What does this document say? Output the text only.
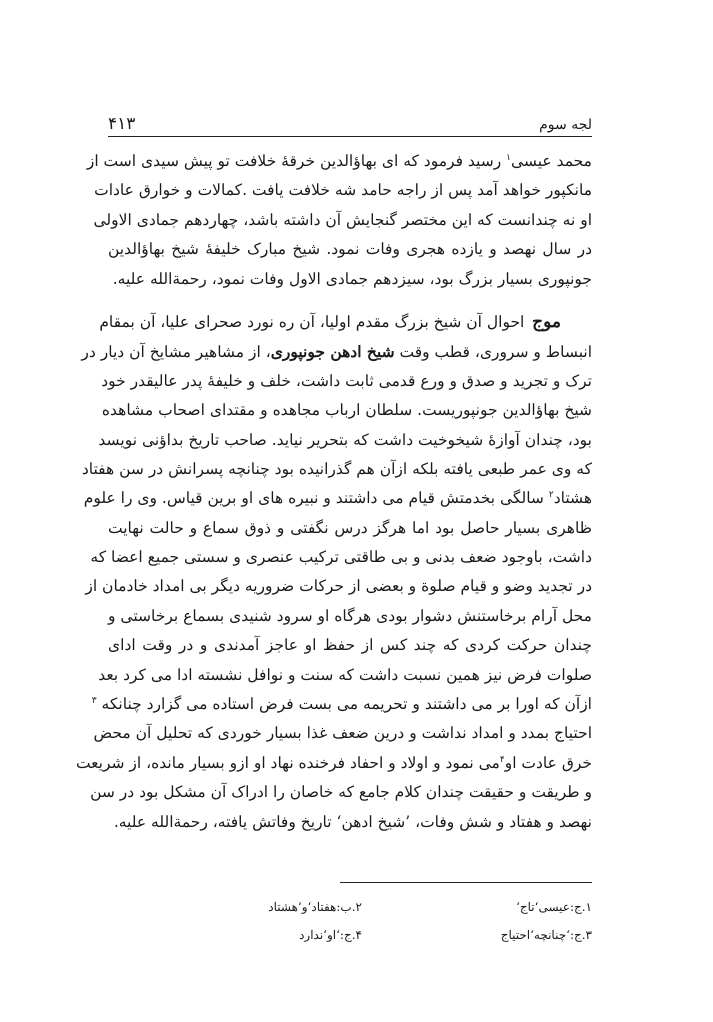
۴۱۳	لجه سوم
محمد عیسی$^۱$ رسید فرمود که ای بهاؤالدین خرقهٔ خلافت تو پیش سیدی است از
مانکپور خواهد آمد پس از راجه حامد شه خلافت یافت .کمالات و خوارق عادات
او نه چندانست که این مختصر گنجایش آن داشته باشد، چهاردهم جمادی الاولی
در سال نهصد و یازده هجری وفات نمود. شیخ مبارک خلیفهٔ شیخ بهاؤالدین
جونپوری بسیار بزرگ بود، سیزدهم جمادی الاول وفات نمود، رحمةالله علیه.
  موج احوال آن شیخ بزرگ مقدم اولیا، آن ره نورد صحرای علیا، آن بمقام
انبساط و سروری، قطب وقت شیخ ادهن جونپوری، از مشاهیر مشایخ آن دیار در
ترک و تجرید و صدق و ورع قدمی ثابت داشت، خلف و خلیفهٔ پدر عالیقدر خود
شیخ بهاؤالدین جونپوریست. سلطان ارباب مجاهده و مقتدای اصحاب مشاهده
بود، چندان آوازهٔ شیخوخیت داشت که بتحریر نیاید. صاحب تاریخ بداؤنی نویسد
که وی عمر طبعی یافته بلکه ازآن هم گذرانیده بود چنانچه پسرانش در سن هفتاد
هشتاد$^۲$ سالگی بخدمتش قیام می داشتند و نبیره های او برین قیاس. وی را علوم
ظاهری بسیار حاصل بود اما هرگز درس نگفتی و ذوق سماع و حالت نهایت
داشت، باوجود ضعف بدنی و بی طاقتی ترکیب عنصری و سستی جمیع اعضا که
در تجدید وضو و قیام صلوة و بعضی از حرکات ضروریه دیگر بی امداد خادمان از
محل آرام برخاستنش دشوار بودی هرگاه او سرود شنیدی بسماع برخاستی و
چندان حرکت کردی که چند کس از حفظ او عاجز آمدندی و در وقت ادای
صلوات فرض نیز همین نسبت داشت که سنت و نوافل نشسته ادا می کرد بعد
ازآن که اورا بر می داشتند و تحریمه می بست فرض استاده می گزارد چنانکه $^۳$
احتیاج بمدد و امداد نداشت و درین ضعف غذا بسیار خوردی که تحلیل آن محض
خرق عادت او$^۴$می نمود و اولاد و احفاد فرخنده نهاد او ازو بسیار مانده، از شریعت
و طریقت و حقیقت چندان کلام جامع که خاصان را ادراک آن مشکل بود در سن
نهصد و هفتاد و شش وفات، ’شیخ ادهن‘ تاریخ وفاتش یافته، رحمةالله علیه.
۱.ج:عیسی‘تاج‘
۲.ب:هفتاد‘و‘هشتاد
۳.ج:‘چنانچه‘احتیاج
۴.ج:‘او‘ندارد
